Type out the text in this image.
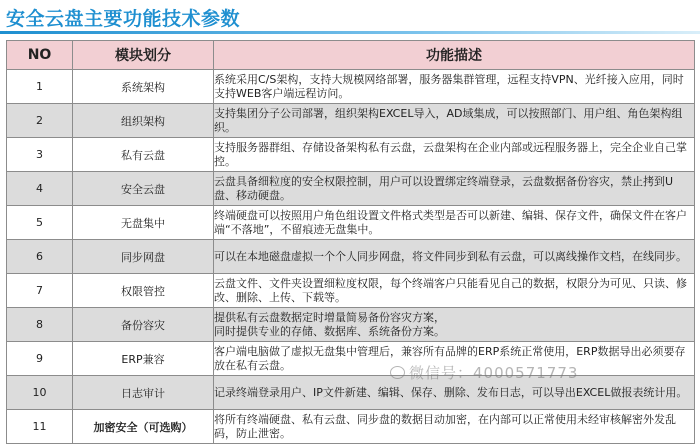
安全云盘主要功能技术参数
NO	模块划分	功能描述
1	系统架构	系统采用C/S架构，支持大规模网络部署，服务器集群管理，远程支持VPN、光纤接入应用，同时支持WEB客户端远程访问。
2	组织架构	支持集团分子公司部署，组织架构EXCEL导入，AD域集成，可以按照部门、用户组、角色架构组织。
3	私有云盘	支持服务器群组、存储设备架构私有云盘，云盘架构在企业内部或远程服务器上，完全企业自己掌控。
4	安全云盘	云盘具备细粒度的安全权限控制，用户可以设置绑定终端登录，云盘数据备份容灾，禁止拷到U盘、移动硬盘。
5	无盘集中	终端硬盘可以按照用户角色组设置文件格式类型是否可以新建、编辑、保存文件，确保文件在客户端“不落地”，不留痕迹无盘集中。
6	同步网盘	可以在本地磁盘虚拟一个个人同步网盘，将文件同步到私有云盘，可以离线操作文档，在线同步。
7	权限管控	云盘文件、文件夹设置细粒度权限，每个终端客户只能看见自己的数据，权限分为可见、只读、修改、删除、上传、下载等。
8	备份容灾	提供私有云盘数据定时增量简易备份容灾方案，
同时提供专业的存储、数据库、系统备份方案。
9	ERP兼容	客户端电脑做了虚拟无盘集中管理后，兼容所有品牌的ERP系统正常使用，ERP数据导出必须要存放在私有云盘。
10	日志审计	记录终端登录用户、IP文件新建、编辑、保存、删除、发布日志，可以导出EXCEL做报表统计用。
11	加密安全（可选购）	将所有终端硬盘、私有云盘、同步盘的数据目动加密，在内部可以正常使用未经审核解密外发乱码，防止泄密。
微信号：4000571773
